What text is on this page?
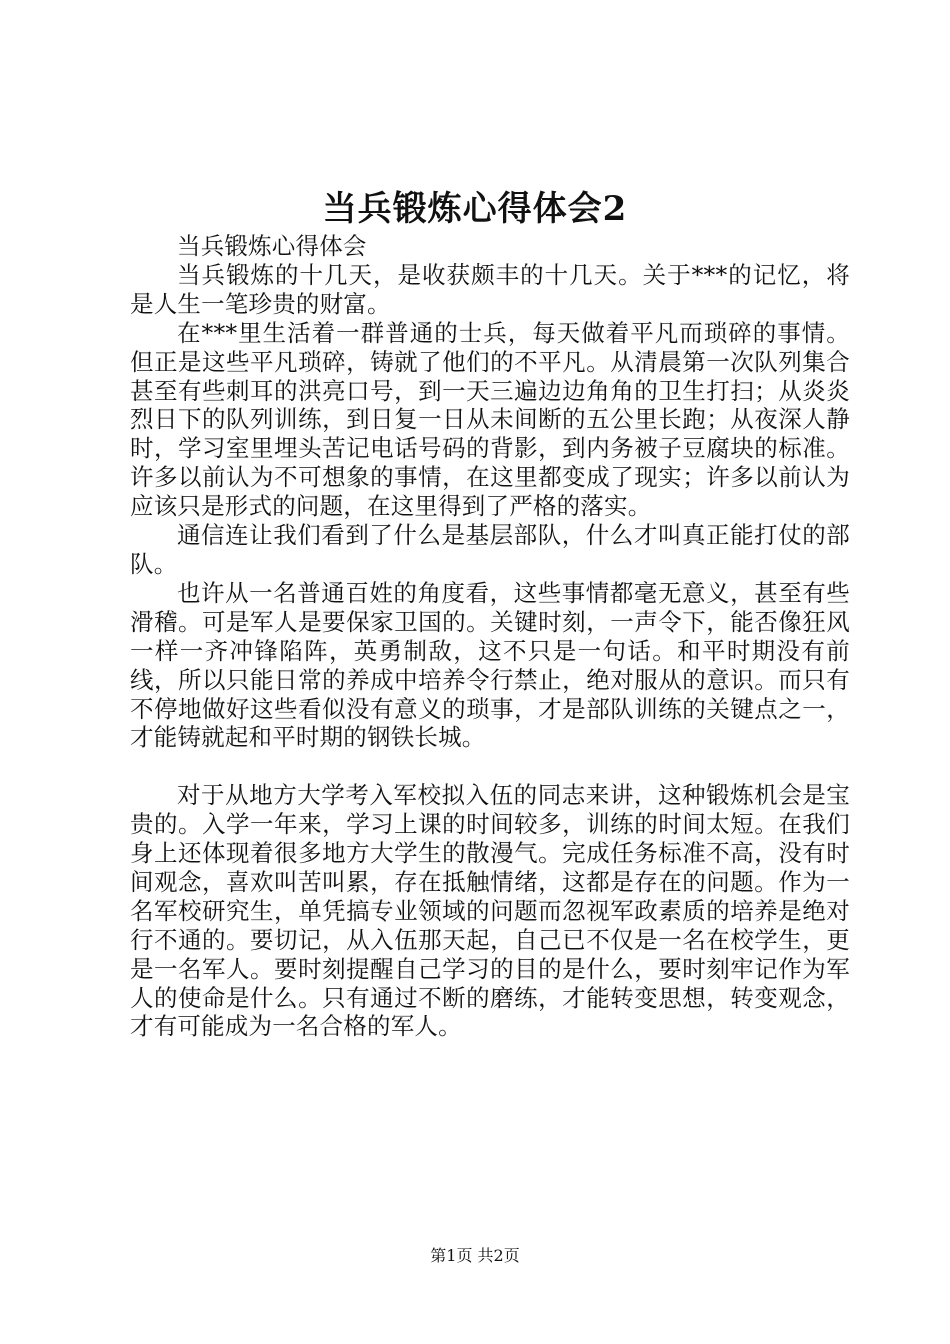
当兵锻炼心得体会2

当兵锻炼心得体会

当兵锻炼的十几天，是收获颇丰的十几天。关于***的记忆，将是人生一笔珍贵的财富。

在***里生活着一群普通的士兵，每天做着平凡而琐碎的事情。但正是这些平凡琐碎，铸就了他们的不平凡。从清晨第一次队列集合甚至有些刺耳的洪亮口号，到一天三遍边边角角的卫生打扫；从炎炎烈日下的队列训练，到日复一日从未间断的五公里长跑；从夜深人静时，学习室里埋头苦记电话号码的背影，到内务被子豆腐块的标准。许多以前认为不可想象的事情，在这里都变成了现实；许多以前认为应该只是形式的问题，在这里得到了严格的落实。

通信连让我们看到了什么是基层部队，什么才叫真正能打仗的部队。

也许从一名普通百姓的角度看，这些事情都毫无意义，甚至有些滑稽。可是军人是要保家卫国的。关键时刻，一声令下，能否像狂风一样一齐冲锋陷阵，英勇制敌，这不只是一句话。和平时期没有前线，所以只能日常的养成中培养令行禁止，绝对服从的意识。而只有不停地做好这些看似没有意义的琐事，才是部队训练的关键点之一，才能铸就起和平时期的钢铁长城。

对于从地方大学考入军校拟入伍的同志来讲，这种锻炼机会是宝贵的。入学一年来，学习上课的时间较多，训练的时间太短。在我们身上还体现着很多地方大学生的散漫气。完成任务标准不高，没有时间观念，喜欢叫苦叫累，存在抵触情绪，这都是存在的问题。作为一名军校研究生，单凭搞专业领域的问题而忽视军政素质的培养是绝对行不通的。要切记，从入伍那天起，自己已不仅是一名在校学生，更是一名军人。要时刻提醒自己学习的目的是什么，要时刻牢记作为军人的使命是什么。只有通过不断的磨练，才能转变思想，转变观念，才有可能成为一名合格的军人。

第1页 共2页
